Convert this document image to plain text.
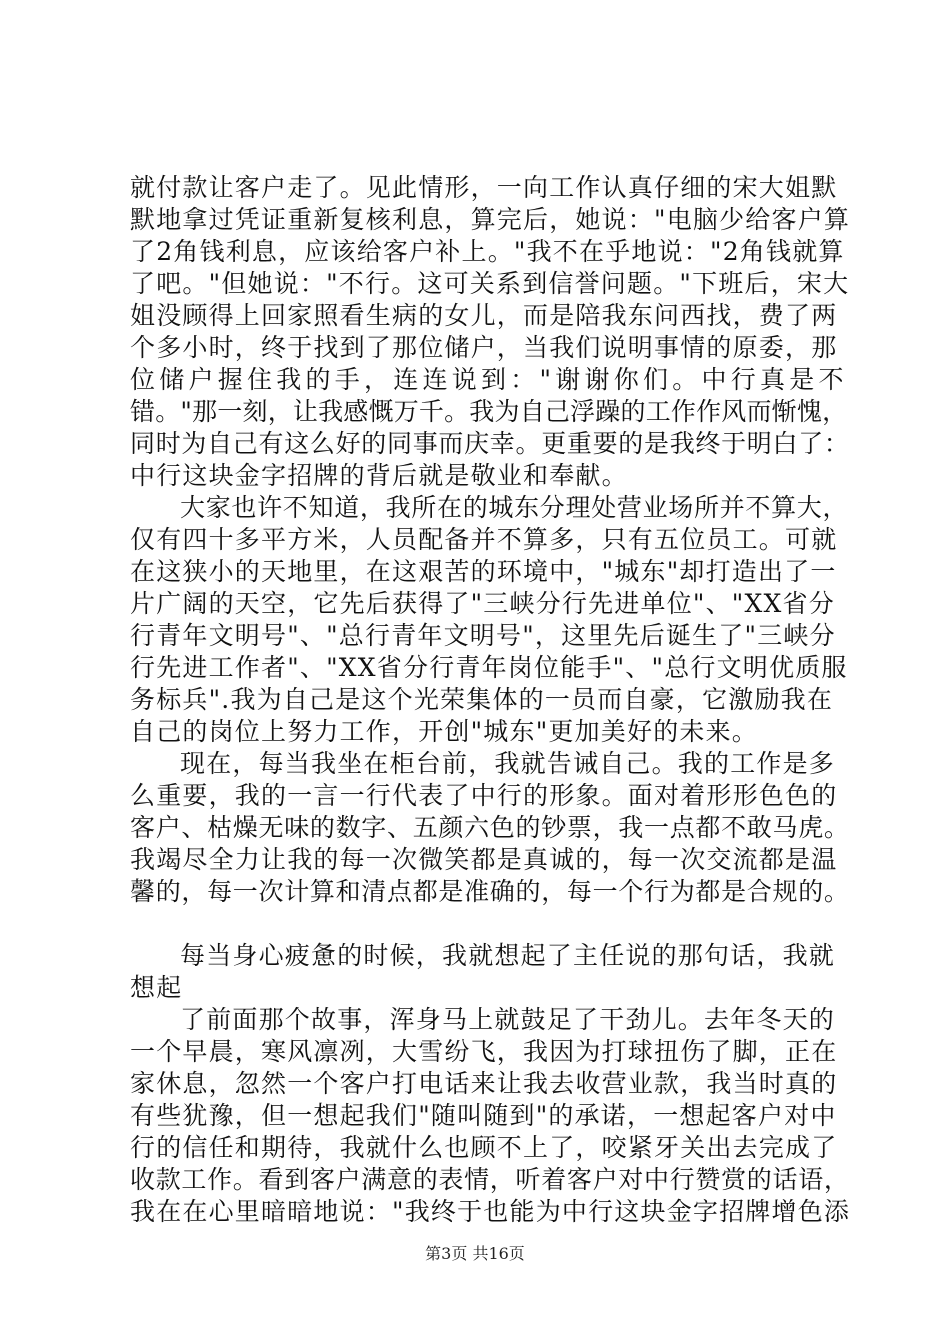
就付款让客户走了。见此情形，一向工作认真仔细的宋大姐默
默地拿过凭证重新复核利息，算完后，她说："电脑少给客户算
了2角钱利息，应该给客户补上。"我不在乎地说："2角钱就算
了吧。"但她说："不行。这可关系到信誉问题。"下班后，宋大
姐没顾得上回家照看生病的女儿，而是陪我东问西找，费了两
个多小时，终于找到了那位储户，当我们说明事情的原委，那
位储户握住我的手，连连说到："谢谢你们。中行真是不
错。"那一刻，让我感慨万千。我为自己浮躁的工作作风而惭愧，
同时为自己有这么好的同事而庆幸。更重要的是我终于明白了：
中行这块金字招牌的背后就是敬业和奉献。
大家也许不知道，我所在的城东分理处营业场所并不算大，
仅有四十多平方米，人员配备并不算多，只有五位员工。可就
在这狭小的天地里，在这艰苦的环境中，"城东"却打造出了一
片广阔的天空，它先后获得了"三峡分行先进单位"、"XX省分
行青年文明号"、"总行青年文明号"，这里先后诞生了"三峡分
行先进工作者"、"XX省分行青年岗位能手"、"总行文明优质服
务标兵".我为自己是这个光荣集体的一员而自豪，它激励我在
自己的岗位上努力工作，开创"城东"更加美好的未来。
现在，每当我坐在柜台前，我就告诫自己。我的工作是多
么重要，我的一言一行代表了中行的形象。面对着形形色色的
客户、枯燥无味的数字、五颜六色的钞票，我一点都不敢马虎。
我竭尽全力让我的每一次微笑都是真诚的，每一次交流都是温
馨的，每一次计算和清点都是准确的，每一个行为都是合规的。
每当身心疲惫的时候，我就想起了主任说的那句话，我就
想起
了前面那个故事，浑身马上就鼓足了干劲儿。去年冬天的
一个早晨，寒风凛冽，大雪纷飞，我因为打球扭伤了脚，正在
家休息，忽然一个客户打电话来让我去收营业款，我当时真的
有些犹豫，但一想起我们"随叫随到"的承诺，一想起客户对中
行的信任和期待，我就什么也顾不上了，咬紧牙关出去完成了
收款工作。看到客户满意的表情，听着客户对中行赞赏的话语，
我在在心里暗暗地说："我终于也能为中行这块金字招牌增色添
第3页 共16页
